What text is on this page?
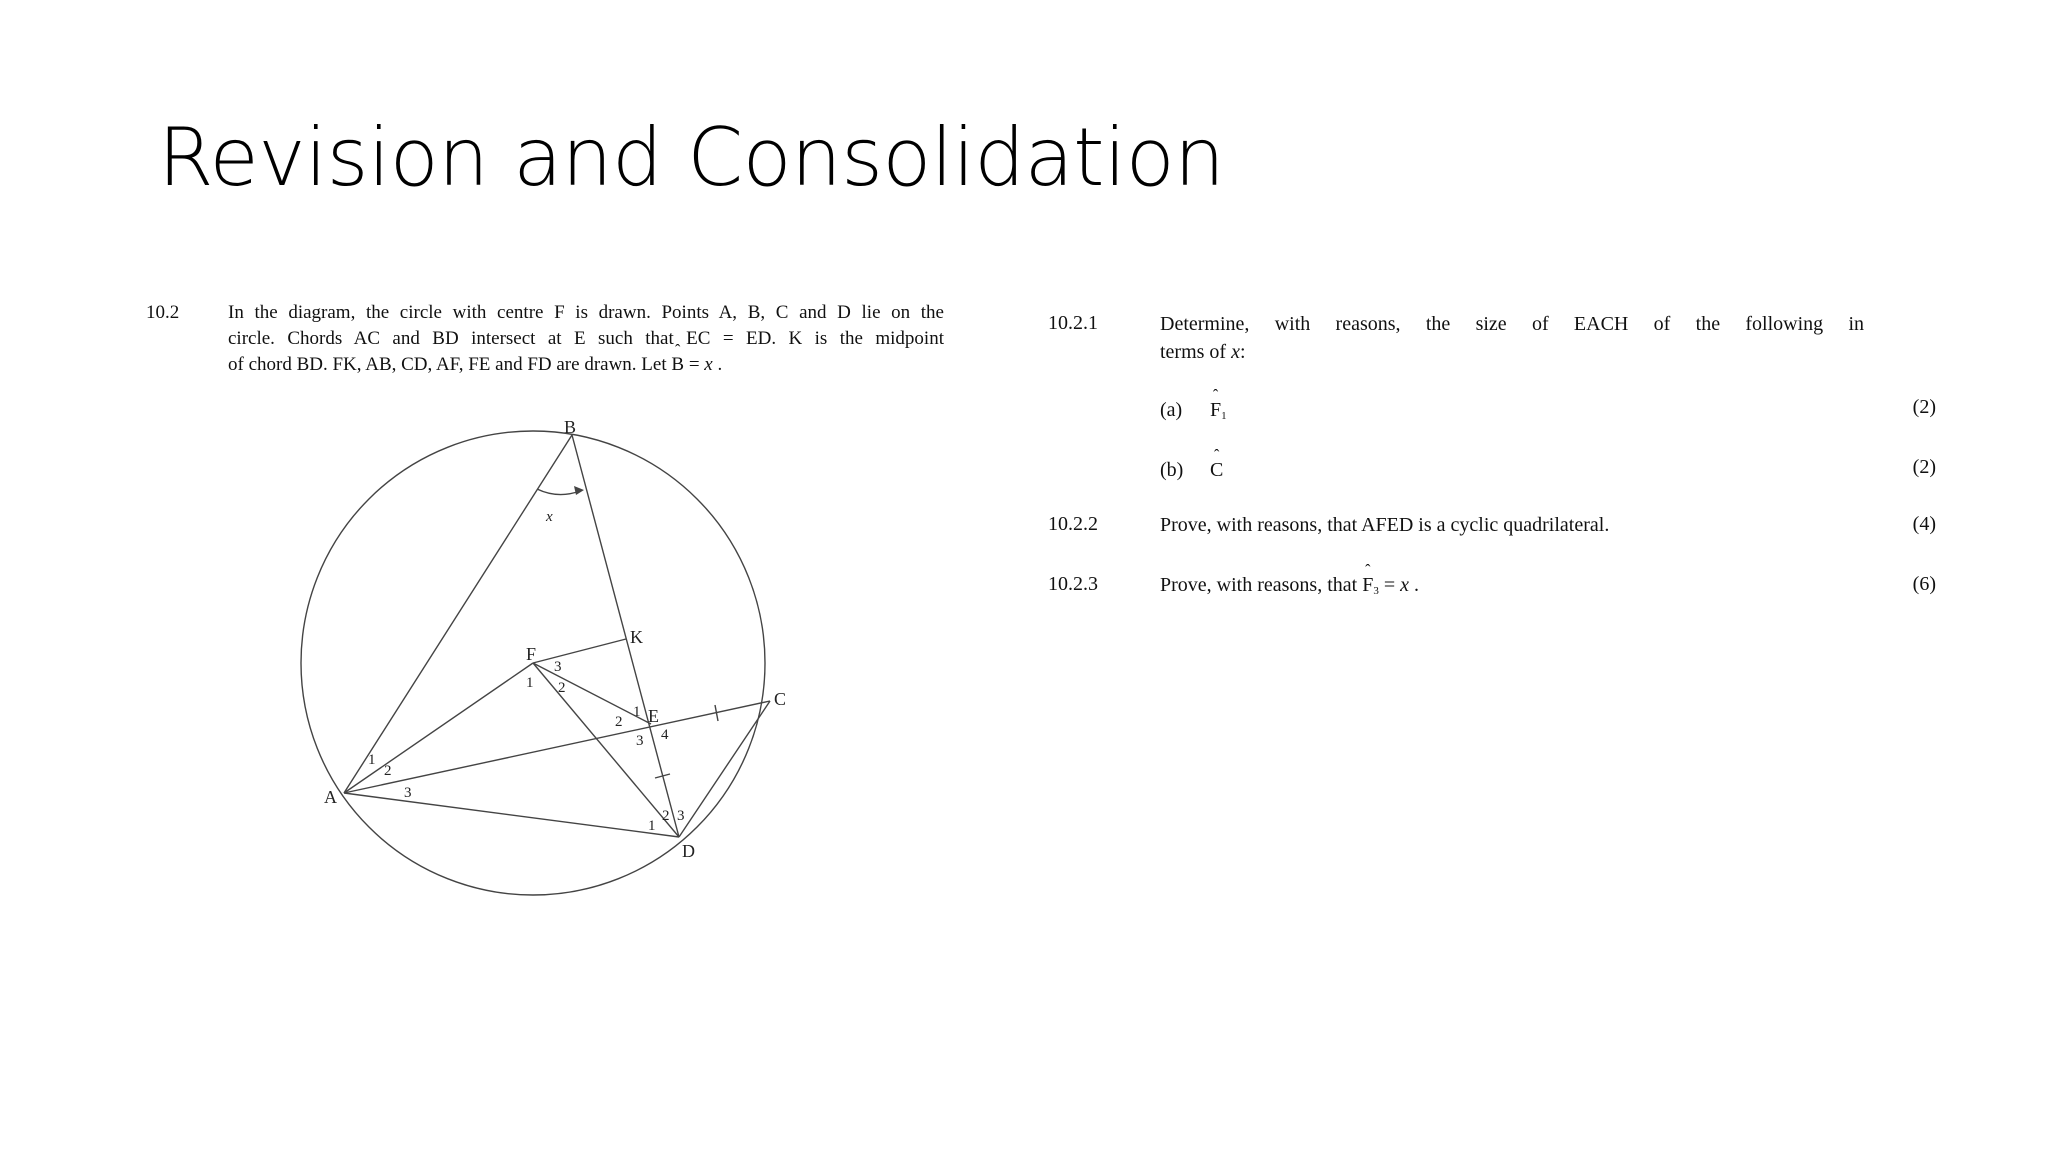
Revision and Consolidation
10.2	In the diagram, the circle with centre F is drawn. Points A, B, C and D lie on the
circle. Chords AC and BD intersect at E such that EC = ED. K is the midpoint
of chord BD. FK, AB, CD, AF, FE and FD are drawn. Let ˆ B = x .
B
K
F
E
C
A
D
x
1 2
3
1
2
3
1
2
3 4
1
2 3
10.2.1	Determine, with reasons, the size of EACH of the following in
terms of x:
(a) ˆ $F_1$	(2)
(b) ˆ C	(2)
10.2.2	Prove, with reasons, that AFED is a cyclic quadrilateral.	(4)
10.2.3	Prove, with reasons, that ˆ $F_3 = x$ .	(6)
